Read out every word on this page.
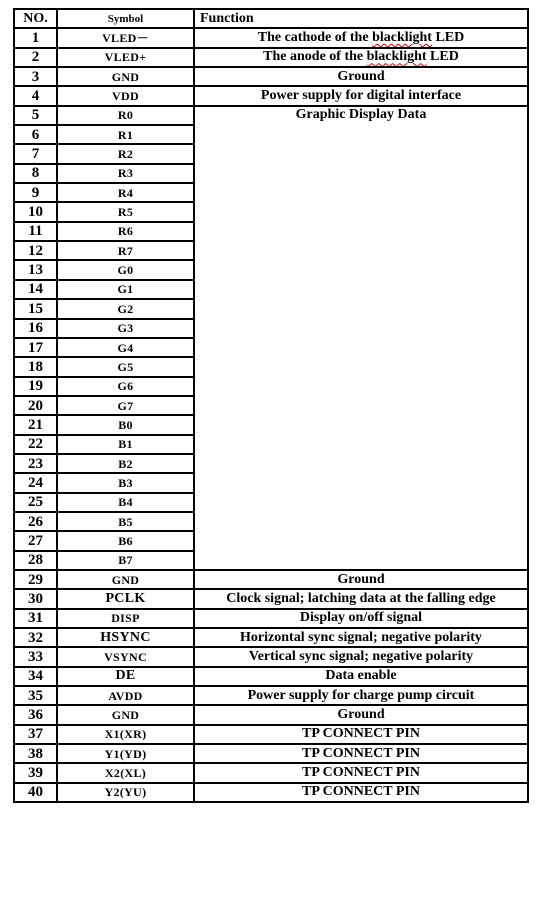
NO.	Symbol	Function
1	VLED－	The cathode of the blacklight LED
2	VLED+	The anode of the blacklight LED
3	GND	Ground
4	VDD	Power supply for digital interface
5	R0	Graphic Display Data
6	R1	
7	R2	
8	R3	
9	R4	
10	R5	
11	R6	
12	R7	
13	G0	
14	G1	
15	G2	
16	G3	
17	G4	
18	G5	
19	G6	
20	G7	
21	B0	
22	B1	
23	B2	
24	B3	
25	B4	
26	B5	
27	B6	
28	B7	
29	GND	Ground
30	PCLK	Clock signal; latching data at the falling edge
31	DISP	Display on/off signal
32	HSYNC	Horizontal sync signal; negative polarity
33	VSYNC	Vertical sync signal; negative polarity
34	DE	Data enable
35	AVDD	Power supply for charge pump circuit
36	GND	Ground
37	X1(XR)	TP CONNECT PIN
38	Y1(YD)	TP CONNECT PIN
39	X2(XL)	TP CONNECT PIN
40	Y2(YU)	TP CONNECT PIN
